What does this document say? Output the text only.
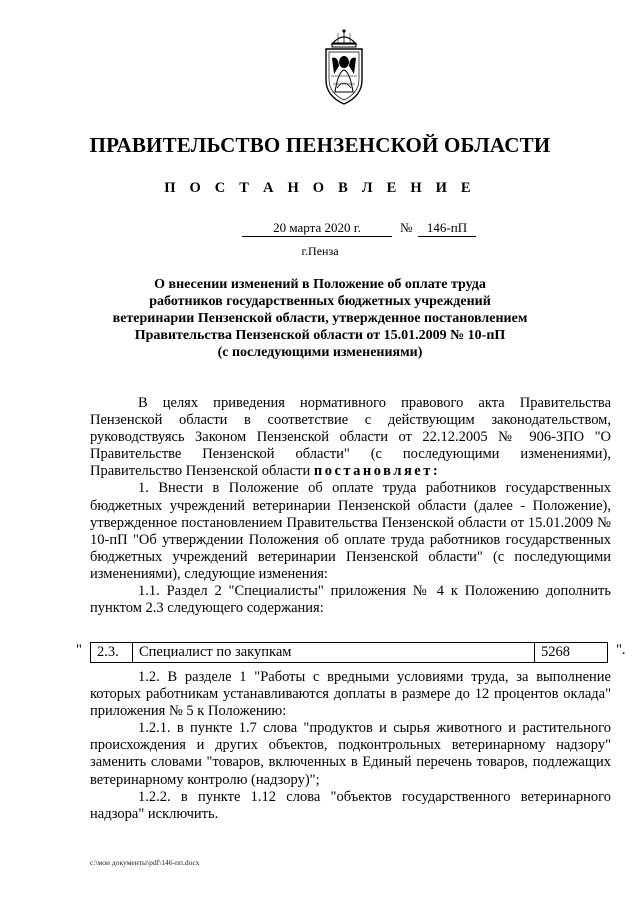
ПРАВИТЕЛЬСТВО ПЕНЗЕНСКОЙ ОБЛАСТИ
П О С Т А Н О В Л Е Н И Е
20 марта 2020 г.	№	146-пП
г.Пенза
О внесении изменений в Положение об оплате труда
работников государственных бюджетных учреждений
ветеринарии Пензенской области, утвержденное постановлением
Правительства Пензенской области от 15.01.2009 № 10-пП
(с последующими изменениями)

В целях приведения нормативного правового акта Правительства Пензенской области в соответствие с действующим законодательством, руководствуясь Законом Пензенской области от 22.12.2005 № 906-ЗПО "О Правительстве Пензенской области" (с последующими изменениями), Правительство Пензенской области постановляет:

1. Внести в Положение об оплате труда работников государственных бюджетных учреждений ветеринарии Пензенской области (далее - Положение), утвержденное постановлением Правительства Пензенской области от 15.01.2009 № 10-пП "Об утверждении Положения об оплате труда работников государственных бюджетных учреждений ветеринарии Пензенской области" (с последующими изменениями), следующие изменения:

1.1. Раздел 2 "Специалисты" приложения № 4 к Положению дополнить пунктом 2.3 следующего содержания:

" 2.3. Специалист по закупкам	5268	".

1.2. В разделе 1 "Работы с вредными условиями труда, за выполнение которых работникам устанавливаются доплаты в размере до 12 процентов оклада" приложения № 5 к Положению:

1.2.1. в пункте 1.7 слова "продуктов и сырья животного и растительного происхождения и других объектов, подконтрольных ветеринарному надзору" заменить словами "товаров, включенных в Единый перечень товаров, подлежащих ветеринарному контролю (надзору)";

1.2.2. в пункте 1.12 слова "объектов государственного ветеринарного надзора" исключить.

c:\мои документы\pdf\146-пп.docx
